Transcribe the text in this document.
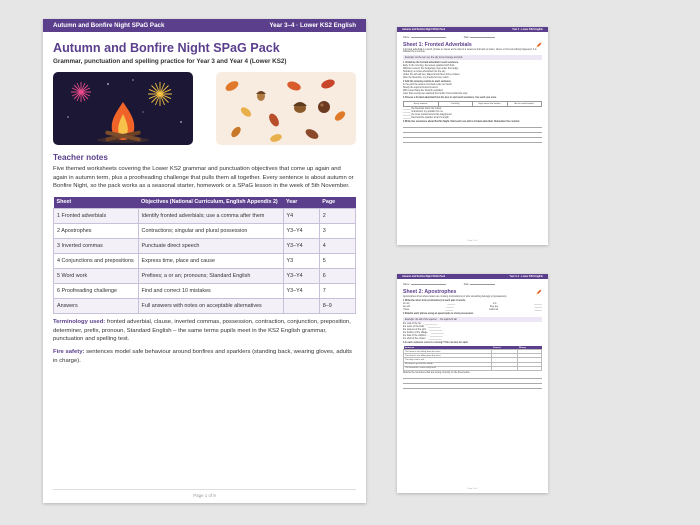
Autumn and Bonfire Night SPaG Pack	Year 3–4 · Lower KS2 English
Autumn and Bonfire Night SPaG Pack
Grammar, punctuation and spelling practice for Year 3 and Year 4 (Lower KS2)
Teacher notes
Five themed worksheets covering the Lower KS2 grammar and punctuation objectives that come up again and again in autumn term, plus a proofreading challenge that pulls them all together. Every sentence is about autumn or Bonfire Night, so the pack works as a seasonal starter, homework or a SPaG lesson in the week of 5th November.
Sheet	Objectives (National Curriculum, English Appendix 2)	Year	Page
1 Fronted adverbials	Identify fronted adverbials; use a comma after them	Y4	2
2 Apostrophes	Contractions; singular and plural possession	Y3–Y4	3
3 Inverted commas	Punctuate direct speech	Y3–Y4	4
4 Conjunctions and prepositions	Express time, place and cause	Y3	5
5 Word work	Prefixes; a or an; pronouns; Standard English	Y3–Y4	6
6 Proofreading challenge	Find and correct 10 mistakes	Y3–Y4	7
Answers	Full answers with notes on acceptable alternatives		8–9
Terminology used: fronted adverbial, clause, inverted commas, possession, contraction, conjunction, preposition, determiner, prefix, pronoun, Standard English – the same terms pupils meet in the KS2 English grammar, punctuation and spelling test.
Fire safety: sentences model safe behaviour around bonfires and sparklers (standing back, wearing gloves, adults in charge).
Page 1 of 9
Autumn and Bonfire Night SPaG Pack	Year 4 · Lower KS2 English
Name:	Date:
Sheet 1: Fronted Adverbials
A fronted adverbial is a word, phrase or clause at the start of a sentence that tells us when, where or how something happened. It is followed by a comma.
Example: As the sun set, the sky turned orange and pink.
1 Underline the fronted adverbial in each sentence.
Early in the morning, the leaves sparkled with frost.
Without a sound, the hedgehog crept under the hedge.
Suddenly, a rocket whooshed into the sky.
Under the old oak tree, Maya found three shiny conkers.
After the fireworks, my cheeks felt very warm.
2 Add the missing comma to each sentence.
In the park the leaves crunched under our boots
Slowly the squirrel buried its acorn
With a loud bang the firework exploded
Later that evening we watched the bonfire from behind the rope
3 Choose a fronted adverbial from the box to start each sentence. Use each one once.
Every autumn,	Carefully,	High above the bonfire,	As the wind howled,
______ the fireworks burst into colour.
______ Grandma lit my sparkler for me.
______ the trees rustled around the playground.
______ Dad held the sparkler at arm's length.
4 Write two sentences about Bonfire Night. Start each one with a fronted adverbial. Remember the comma!
Page 2 of 9
Autumn and Bonfire Night SPaG Pack	Year 3–4 · Lower KS2 English
Name:	Date:
Sheet 2: Apostrophes
Apostrophes show where letters are missing (contractions) or who something belongs to (possession).
1 Write the short form (contraction) of each pair of words.
do not	______	it is	______
we will	______	they are	______
I have	______	could not	______
2 Rewrite each phrase using an apostrophe to show possession.
Example: the tail of the squirrel → the squirrel's tail
the coat of the fox → __________
the nests of the birds → __________
the scarves of the girls → __________
the bonfire of the village → __________
the hats of the children → __________
the shell of the conker → __________
3 Is each sentence correct or wrong? Tick one box for each.
Sentence	Correct	Wrong
The leave's are falling from the trees.		
The forest's are falling from the trees.		
The dog's tail is red.		
He doesn't go out this month.		
The fireworks's were really loud.		
Rewrite the sentences that are wrong correctly on the lines below.
Page 3 of 9
